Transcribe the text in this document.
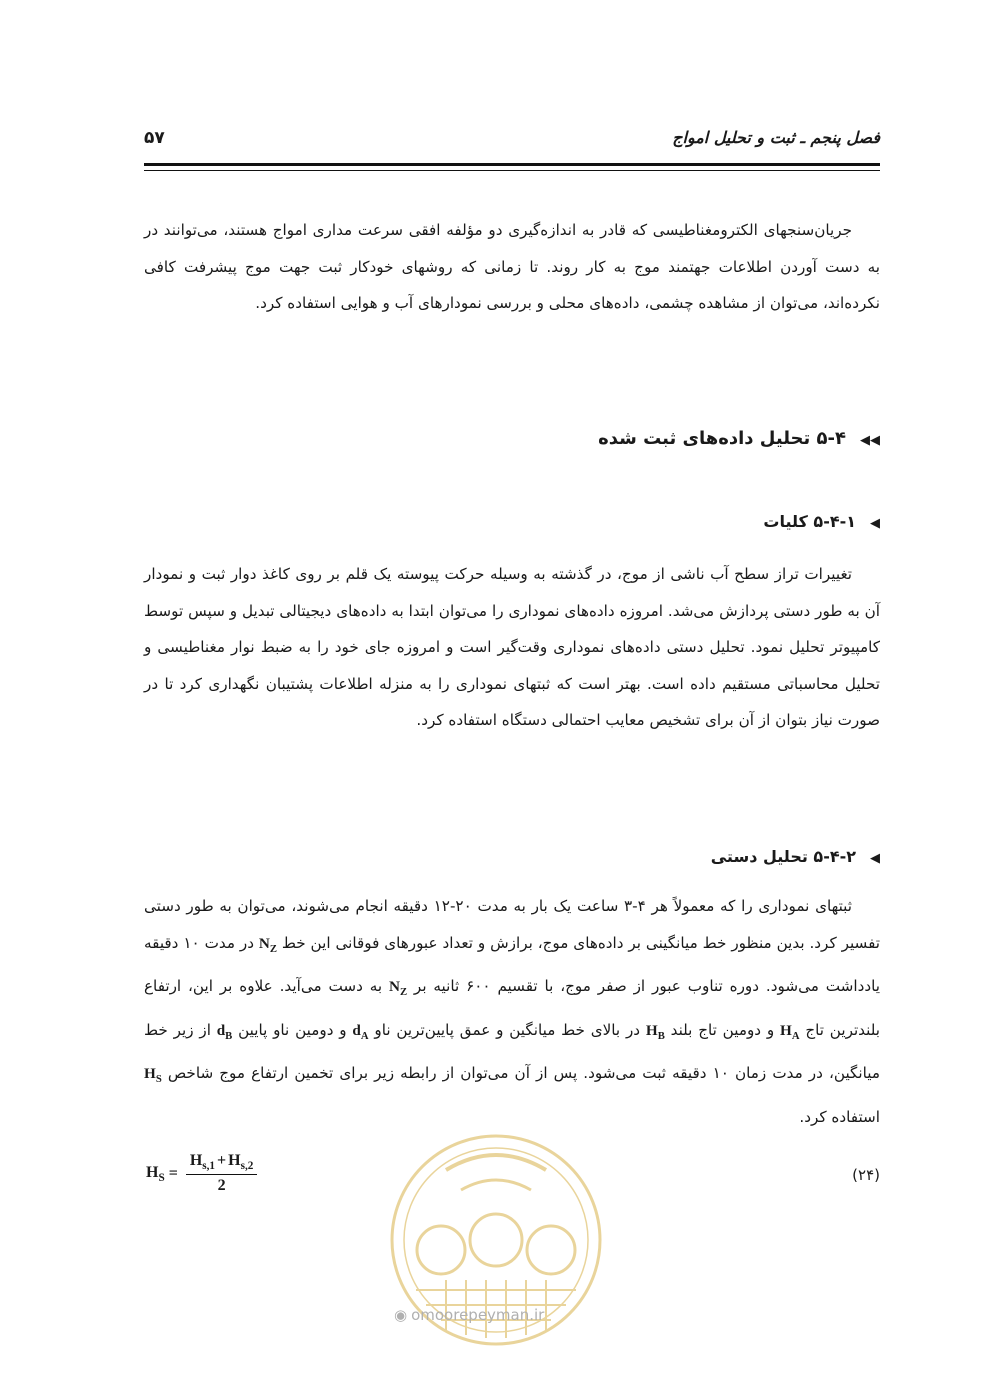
فصل پنجم ـ ثبت و تحلیل امواج
۵۷

جریان‌سنجهای الکترومغناطیسی که قادر به اندازه‌گیری دو مؤلفه افقی سرعت مداری امواج هستند، می‌توانند در به دست آوردن اطلاعات جهتمند موج به کار روند. تا زمانی که روشهای خودکار ثبت جهت موج پیشرفت کافی نکرده‌اند، می‌توان از مشاهده چشمی، داده‌های محلی و بررسی نمودارهای آب و هوایی استفاده کرد.

◀◀۵-۴ تحلیل داده‌های ثبت شده
◀۵-۴-۱ کلیات

تغییرات تراز سطح آب ناشی از موج، در گذشته به وسیله حرکت پیوسته یک قلم بر روی کاغذ دوار ثبت و نمودار آن به طور دستی پردازش می‌شد. امروزه داده‌های نموداری را می‌توان ابتدا به داده‌های دیجیتالی تبدیل و سپس توسط کامپیوتر تحلیل نمود. تحلیل دستی داده‌های نموداری وقت‌گیر است و امروزه جای خود را به ضبط نوار مغناطیسی و تحلیل محاسباتی مستقیم داده است. بهتر است که ثبتهای نموداری را به منزله اطلاعات پشتیبان نگهداری کرد تا در صورت نیاز بتوان از آن برای تشخیص معایب احتمالی دستگاه استفاده کرد.

◀۵-۴-۲ تحلیل دستی

ثبتهای نموداری را که معمولاً هر ۴-۳ ساعت یک بار به مدت ۲۰-۱۲ دقیقه انجام می‌شوند، می‌توان به طور دستی تفسیر کرد. بدین منظور خط میانگینی بر داده‌های موج، برازش و تعداد عبورهای فوقانی این خط $N_Z$ در مدت ۱۰ دقیقه یادداشت می‌شود. دوره تناوب عبور از صفر موج، با تقسیم ۶۰۰ ثانیه بر $N_Z$ به دست می‌آید. علاوه بر این، ارتفاع بلندترین تاج $H_A$ و دومین تاج بلند $H_B$ در بالای خط میانگین و عمق پایین‌ترین ناو $d_A$ و دومین ناو پایین $d_B$ از زیر خط میانگین، در مدت زمان ۱۰ دقیقه ثبت می‌شود. پس از آن می‌توان از رابطه زیر برای تخمین ارتفاع موج شاخص $H_S$ استفاده کرد.

$H_S = \frac{H_{s,1} + H_{s,2}}{2}$	(۲۴)
◉ omoorepeyman.ir
